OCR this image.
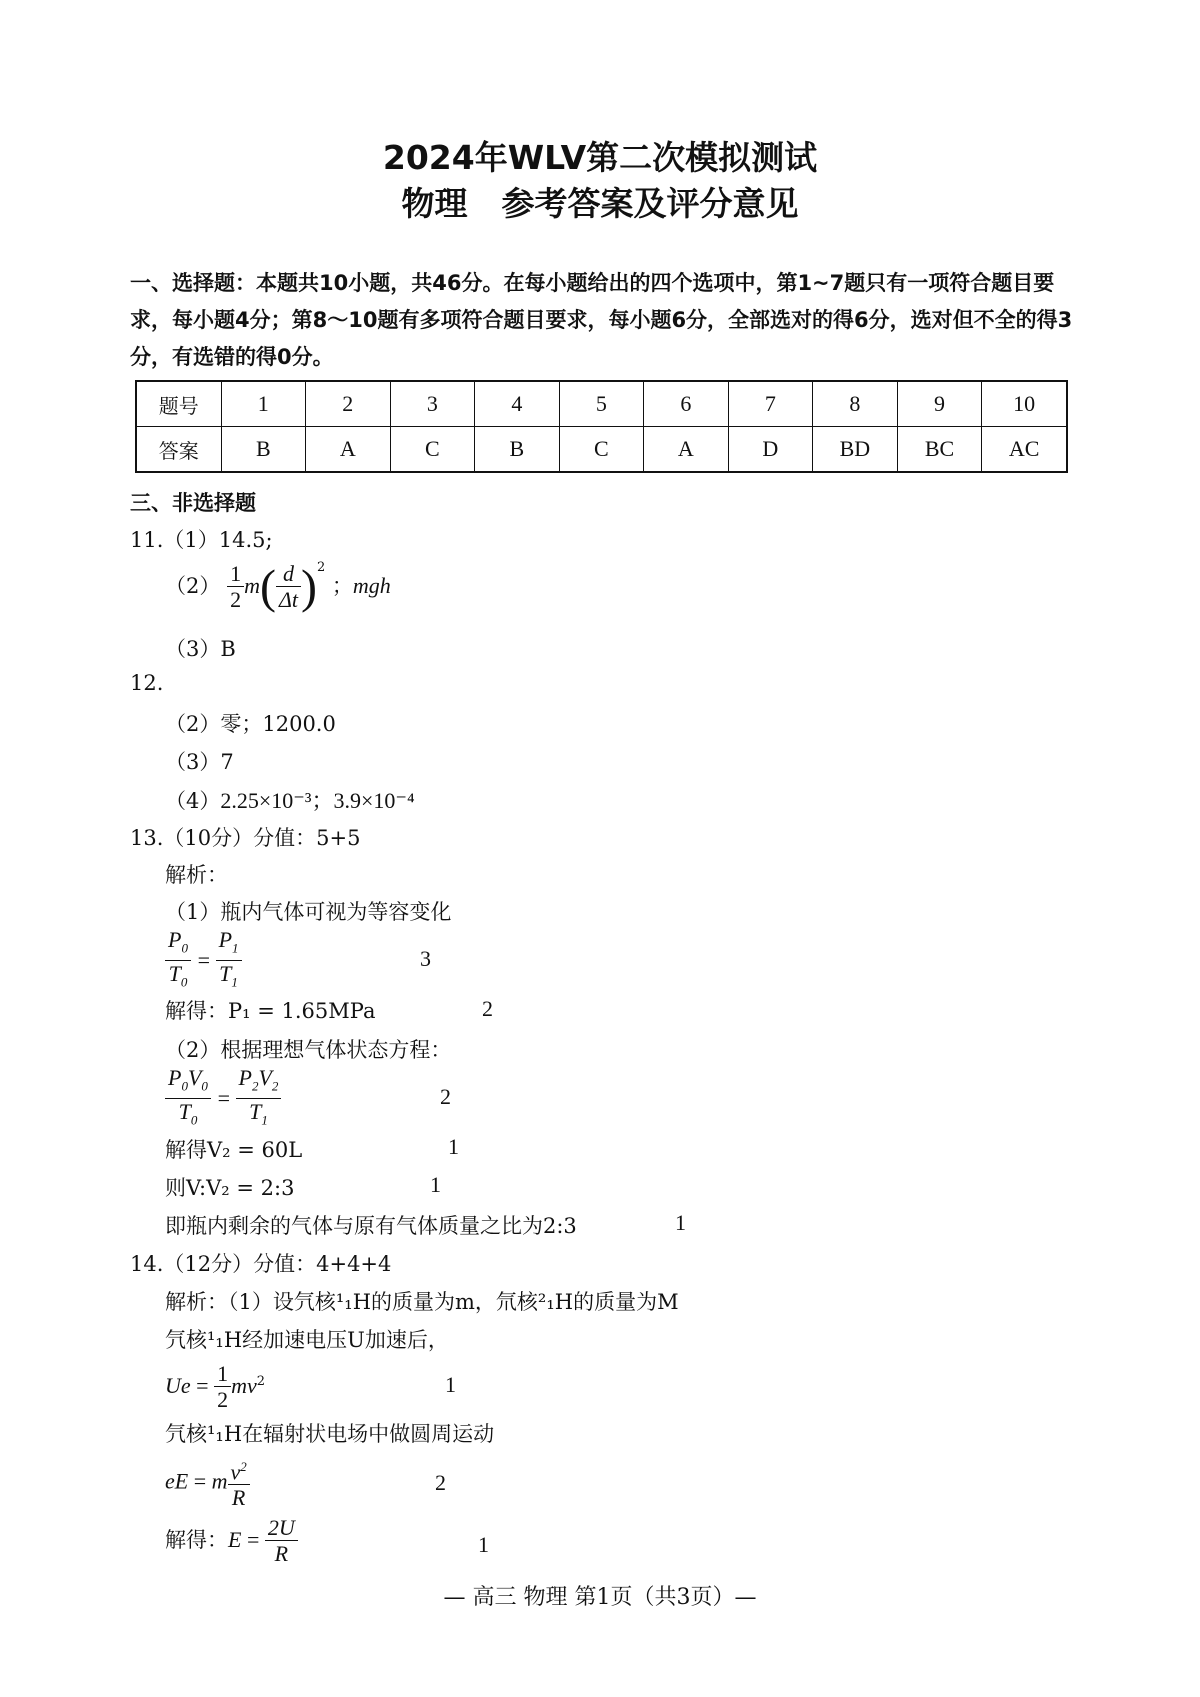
2024年WLV第二次模拟测试
物理 参考答案及评分意见
一、选择题：本题共10小题，共46分。在每小题给出的四个选项中，第1~7题只有一项符合题目要求，每小题4分；第8～10题有多项符合题目要求，每小题6分，全部选对的得6分，选对但不全的得3分，有选错的得0分。
题号	1	2	3	4	5	6	7	8	9	10
答案	B	A	C	B	C	A	D	BD	BC	AC
三、非选择题
11.（1）14.5;
$(2) \frac{1}{2} m( \frac{d}{\Delta t} )^2$ ；mgh
（3）B
12.
（2）零；1200.0
（3）7
（4）2.25×10⁻³；3.9×10⁻⁴
13.（10分）分值：5+5
解析：
（1）瓶内气体可视为等容变化
$\frac{P_0}{T_0} = \frac{P_1}{T_1}$	3
解得：P₁ = 1.65MPa	2
（2）根据理想气体状态方程：
$\frac{P_0V_0}{T_0} = \frac{P_2V_2}{T_1}$	2
解得V₂ = 60L	1
则V:V₂ = 2:3	1
即瓶内剩余的气体与原有气体质量之比为2:3	1
14.（12分）分值：4+4+4
解析：（1）设氕核¹₁H的质量为m，氘核²₁H的质量为M
氕核¹₁H经加速电压U加速后，
$Ue = \frac{1}{2} mv^2$	1
氕核¹₁H在辐射状电场中做圆周运动
eE = m $\frac{v^2}{R}$	2
解得：$E = \frac{2U}{R}$	1
— 高三 物理 第1页（共3页）—
